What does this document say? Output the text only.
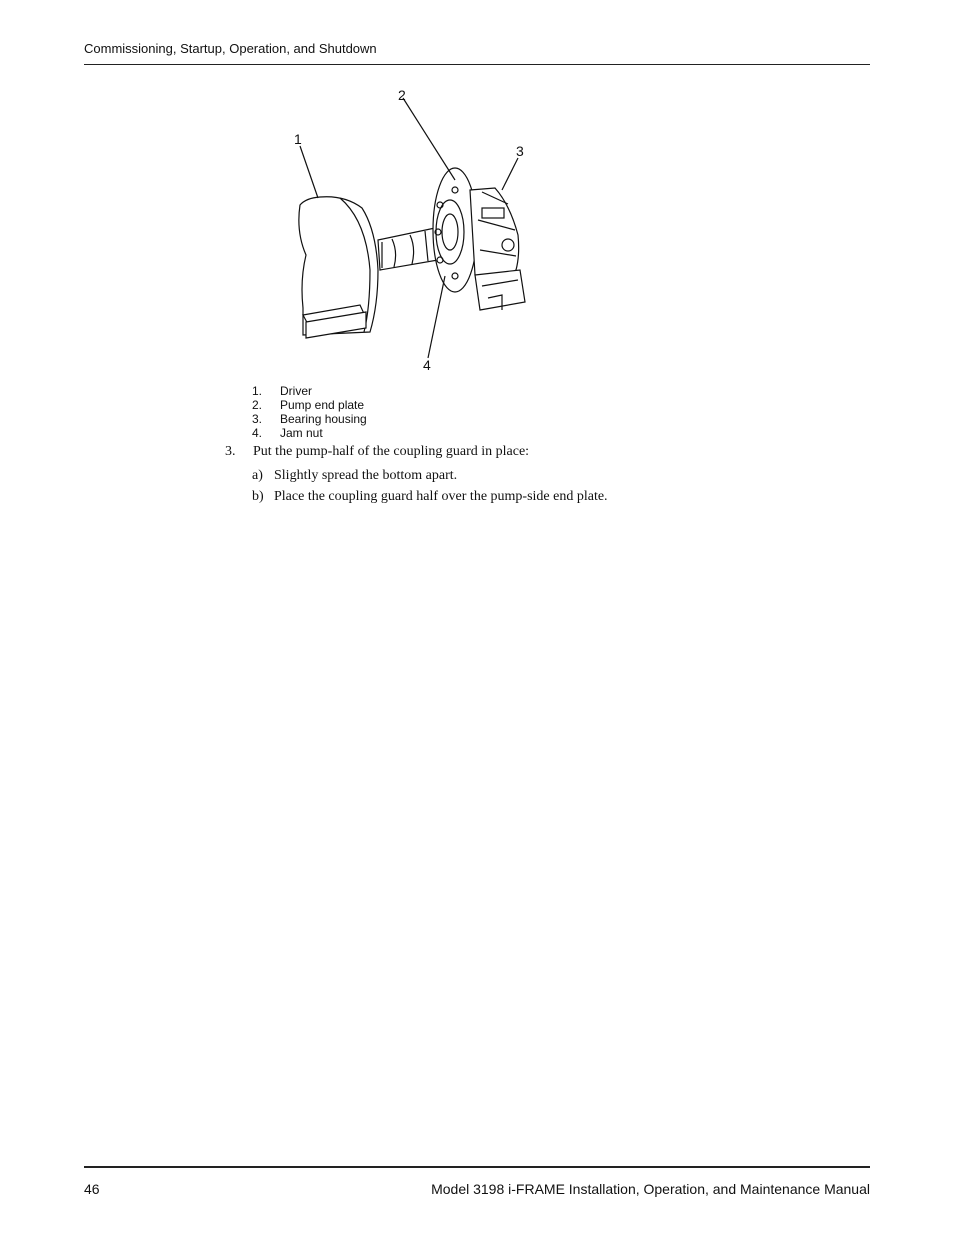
Commissioning, Startup, Operation, and Shutdown
1
2
3
4
1.	Driver
2.	Pump end plate
3.	Bearing housing
4.	Jam nut
3. Put the pump-half of the coupling guard in place:
a) Slightly spread the bottom apart.
b) Place the coupling guard half over the pump-side end plate.
46	Model 3198 i-FRAME Installation, Operation, and Maintenance Manual
